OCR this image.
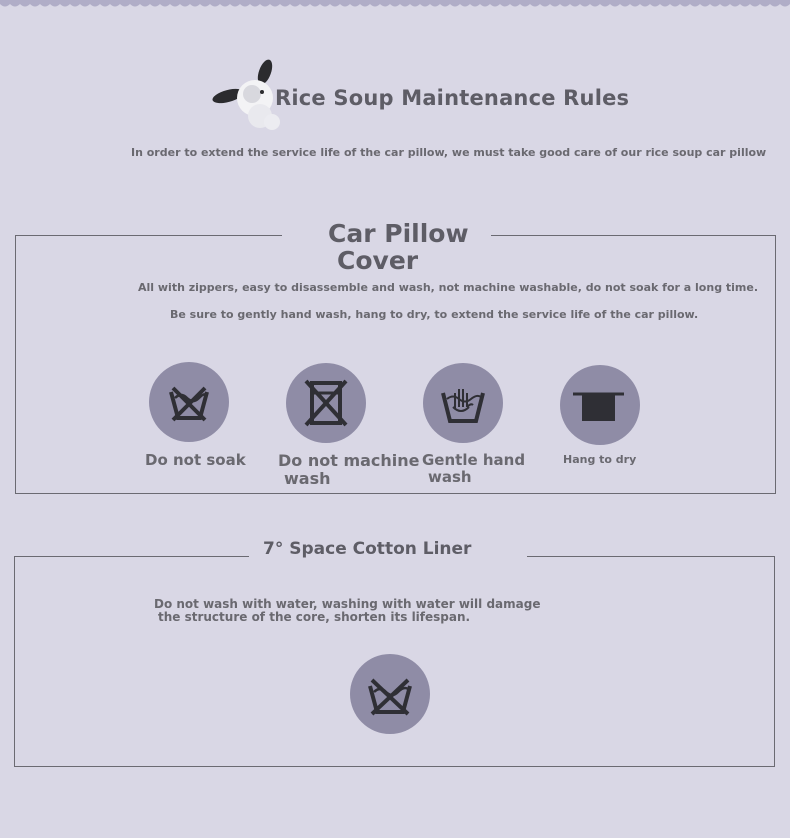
Rice Soup Maintenance Rules
In order to extend the service life of the car pillow, we must take good care of our rice soup car pillow
Car Pillow
Cover
All with zippers, easy to disassemble and wash, not machine washable, do not soak for a long time.
Be sure to gently hand wash, hang to dry, to extend the service life of the car pillow.
Do not soak Do not machine
wash
Gentle hand
wash
Hang to dry
7° Space Cotton Liner
Do not wash with water, washing with water will damage
the structure of the core, shorten its lifespan.
